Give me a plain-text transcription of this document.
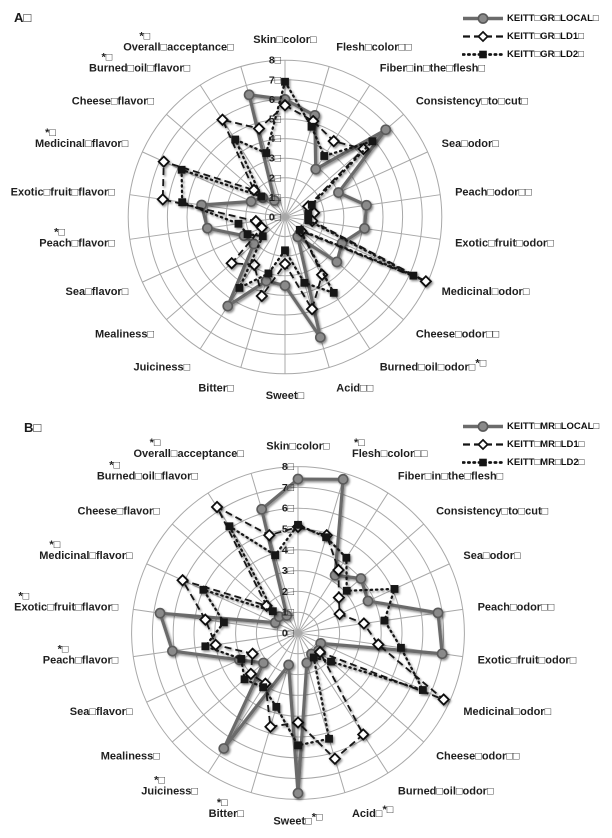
0□
1□
2□
3□
4□
5□
6□
7□
8□
Skin□color□
Flesh□color□□
Fiber□in□the□flesh□
Consistency□to□cut□
Sea□odor□
Peach□odor□□
Exotic□fruit□odor□
Medicinal□odor□
Cheese□odor□□
Burned□oil□odor□*□
Acid□□
Sweet□
Bitter□
Juiciness□
Mealiness□
Sea□flavor□
Peach□flavor□
*□
Exotic□fruit□flavor□
Medicinal□flavor□
*□
Cheese□flavor□
Burned□oil□flavor□
*□
Overall□acceptance□
*□
0□
1□
2□
3□
4□
5□
6□
7□
8□
Skin□color□
Flesh□color□□
*□
Fiber□in□the□flesh□
Consistency□to□cut□
Sea□odor□
Peach□odor□□
Exotic□fruit□odor□
Medicinal□odor□
Cheese□odor□□
Burned□oil□odor□
Acid□*□
Sweet□*□
Bitter□
*□
Juiciness□
*□
Mealiness□
Sea□flavor□
Peach□flavor□
*□
Exotic□fruit□flavor□
*□
Medicinal□flavor□
*□
Cheese□flavor□
Burned□oil□flavor□
*□
Overall□acceptance□
*□
A□
B□
KEITT□GR□LOCAL□
KEITT□GR□LD1□
KEITT□GR□LD2□
KEITT□MR□LOCAL□
KEITT□MR□LD1□
KEITT□MR□LD2□
